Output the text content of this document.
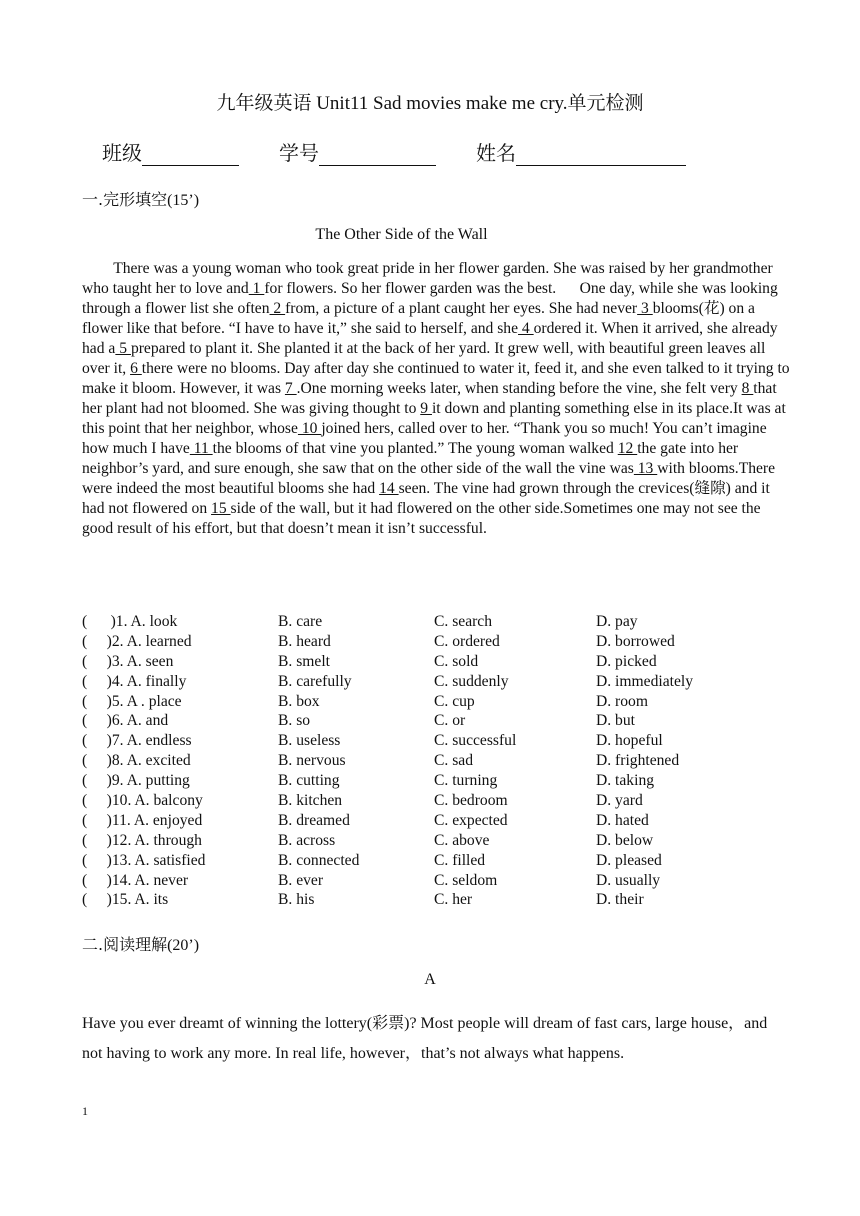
九年级英语 Unit11 Sad movies make me cry.单元检测
班级	学号	姓名
一.完形填空(15’)
The Other Side of the Wall

There was a young woman who took great pride in her flower garden. She was raised by her grandmother who taught her to love and 1 for flowers. So her flower garden was the best.      One day, while she was looking through a flower list she often 2 from, a picture of a plant caught her eyes. She had never 3 blooms(花) on a flower like that before. “I have to have it,” she said to herself, and she 4 ordered it. When it arrived, she already had a 5 prepared to plant it. She planted it at the back of her yard. It grew well, with beautiful green leaves all over it, 6 there were no blooms. Day after day she continued to water it, feed it, and she even talked to it trying to make it bloom. However, it was 7 .One morning weeks later, when standing before the vine, she felt very 8 that her plant had not bloomed. She was giving thought to 9 it down and planting something else in its place.It was at this point that her neighbor, whose 10 joined hers, called over to her. “Thank you so much! You can’t imagine how much I have 11 the blooms of that vine you planted.” The young woman walked 12 the gate into her neighbor’s yard, and sure enough, she saw that on the other side of the wall the vine was 13 with blooms.There were indeed the most beautiful blooms she had 14 seen. The vine had grown through the crevices(缝隙) and it had not flowered on 15 side of the wall, but it had flowered on the other side.Sometimes one may not see the good result of his effort, but that doesn’t mean it isn’t successful.

(      )1. A. look	B. care	C. search	D. pay
(     )2. A. learned	B. heard	C. ordered	D. borrowed
(     )3. A. seen	B. smelt	C. sold	D. picked
(     )4. A. finally	B. carefully	C. suddenly	D. immediately
(     )5. A . place	B. box	C. cup	D. room
(     )6. A. and	B. so	C. or	D. but
(     )7. A. endless	B. useless	C. successful	D. hopeful
(     )8. A. excited	B. nervous	C. sad	D. frightened
(     )9. A. putting	B. cutting	C. turning	D. taking
(     )10. A. balcony	B. kitchen	C. bedroom	D. yard
(     )11. A. enjoyed	B. dreamed	C. expected	D. hated
(     )12. A. through	B. across	C. above	D. below
(     )13. A. satisfied	B. connected	C. filled	D. pleased
(     )14. A. never	B. ever	C. seldom	D. usually
(     )15. A. its	B. his	C. her	D. their
二.阅读理解(20’)
A
Have you ever dreamt of winning the lottery(彩票)? Most people will dream of fast cars, large house，and not having to work any more. In real life, however，that’s not always what happens.
1
